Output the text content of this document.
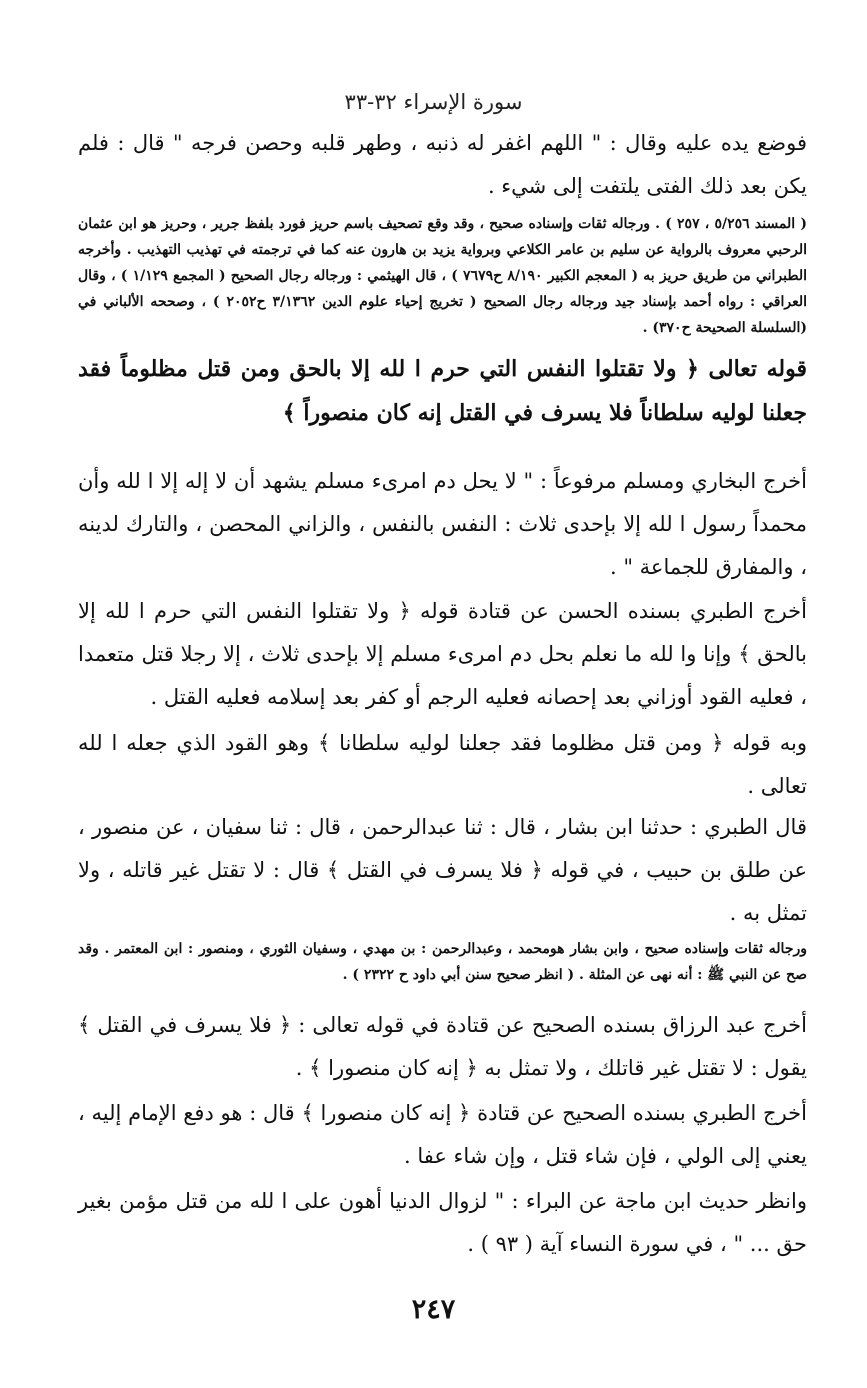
سورة الإسراء ٣٢-٣٣
فوضع يده عليه وقال : " اللهم اغفر له ذنبه ، وطهر قلبه وحصن فرجه " قال : فلم يكن بعد ذلك الفتى يلتفت إلى شيء .
( المسند ٥/٢٥٦ ، ٢٥٧ ) . ورجاله ثقات وإسناده صحيح ، وقد وقع تصحيف باسم حريز فورد بلفظ جرير ، وحريز هو ابن عثمان الرحبي معروف بالرواية عن سليم بن عامر الكلاعي وبرواية يزيد بن هارون عنه كما في ترجمته في تهذيب التهذيب . وأخرجه الطبراني من طريق حريز به ( المعجم الكبير ٨/١٩٠ ح٧٦٧٩ ) ، قال الهيثمي : ورجاله رجال الصحيح ( المجمع ١/١٢٩ ) ، وقال العراقي : رواه أحمد بإسناد جيد ورجاله رجال الصحيح ( تخريج إحياء علوم الدين ٣/١٣٦٢ ح٢٠٥٢ ) ، وصححه الألباني في (السلسلة الصحيحة ح٣٧٠) .
قوله تعالى ﴿ ولا تقتلوا النفس التي حرم ا لله إلا بالحق ومن قتل مظلوماً فقد جعلنا لوليه سلطاناً فلا يسرف في القتل إنه كان منصوراً ﴾
أخرج البخاري ومسلم مرفوعاً : " لا يحل دم امرىء مسلم يشهد أن لا إله إلا ا لله وأن محمداً رسول ا لله إلا بإحدى ثلاث : النفس بالنفس ، والزاني المحصن ، والتارك لدينه ، والمفارق للجماعة " .
أخرج الطبري بسنده الحسن عن قتادة قوله ﴿ ولا تقتلوا النفس التي حرم ا لله إلا بالحق ﴾ وإنا وا لله ما نعلم بحل دم امرىء مسلم إلا بإحدى ثلاث ، إلا رجلا قتل متعمدا ، فعليه القود أوزاني بعد إحصانه فعليه الرجم أو كفر بعد إسلامه فعليه القتل .
وبه قوله ﴿ ومن قتل مظلوما فقد جعلنا لوليه سلطانا ﴾ وهو القود الذي جعله ا لله تعالى .
قال الطبري : حدثنا ابن بشار ، قال : ثنا عبدالرحمن ، قال : ثنا سفيان ، عن منصور ، عن طلق بن حبيب ، في قوله ﴿ فلا يسرف في القتل ﴾ قال : لا تقتل غير قاتله ، ولا تمثل به .
ورجاله ثقات وإسناده صحيح ، وابن بشار هومحمد ، وعبدالرحمن : بن مهدي ، وسفيان الثوري ، ومنصور : ابن المعتمر . وقد صح عن النبي ﷺ : أنه نهى عن المثلة . ( انظر صحيح سنن أبي داود ح ٢٣٢٢ ) .
أخرج عبد الرزاق بسنده الصحيح عن قتادة في قوله تعالى : ﴿ فلا يسرف في القتل ﴾ يقول : لا تقتل غير قاتلك ، ولا تمثل به ﴿ إنه كان منصورا ﴾ .
أخرج الطبري بسنده الصحيح عن قتادة ﴿ إنه كان منصورا ﴾ قال : هو دفع الإمام إليه ، يعني إلى الولي ، فإن شاء قتل ، وإن شاء عفا .
وانظر حديث ابن ماجة عن البراء : " لزوال الدنيا أهون على ا لله من قتل مؤمن بغير حق ... " ، في سورة النساء آية ( ٩٣ ) .
٢٤٧
